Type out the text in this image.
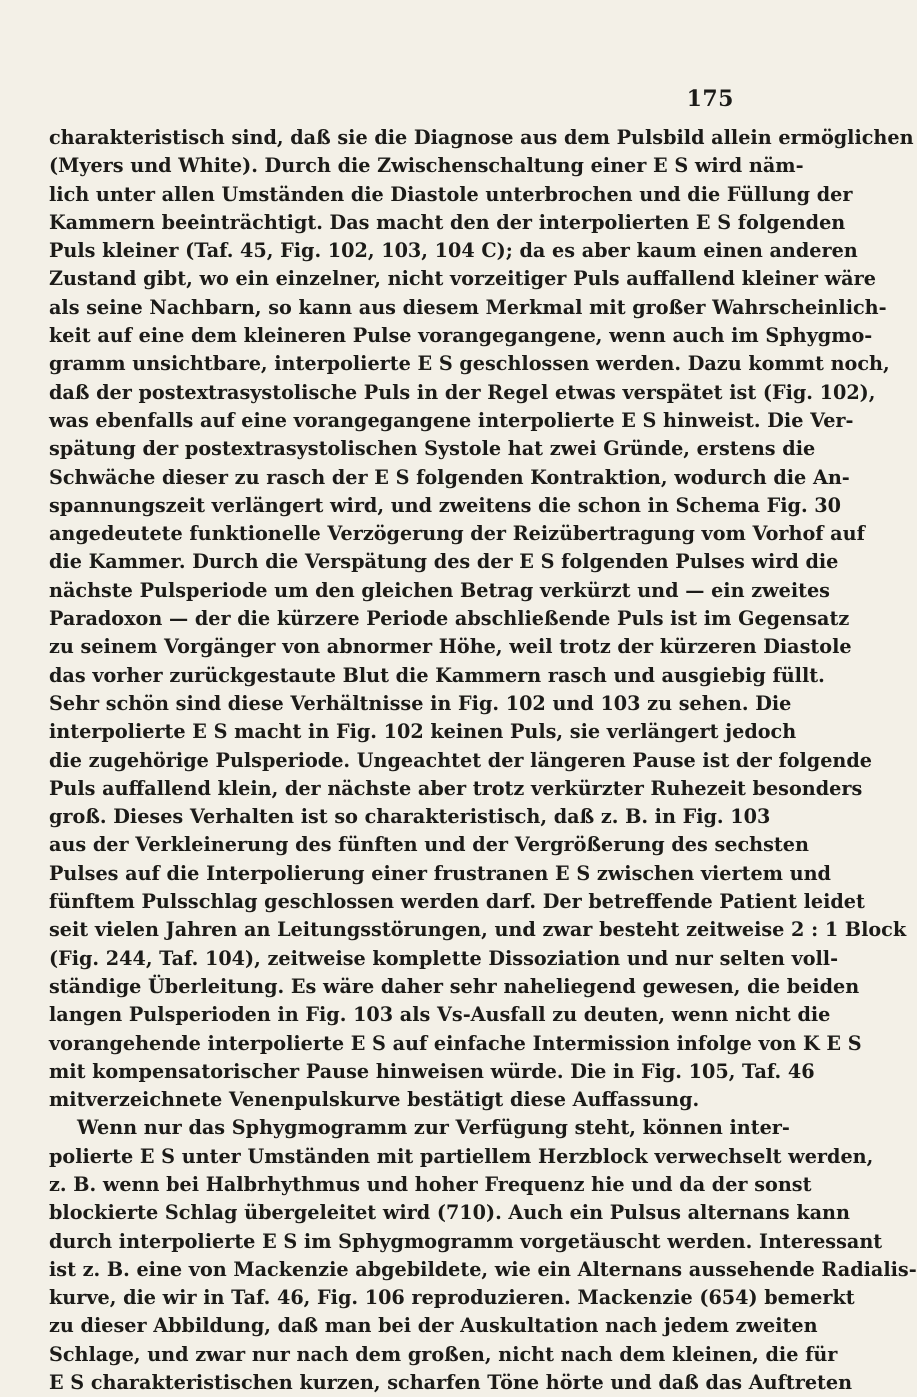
175
charakteristisch sind, daß sie die Diagnose aus dem Pulsbild allein ermöglichen
(Myers und White). Durch die Zwischenschaltung einer E S wird näm-
lich unter allen Umständen die Diastole unterbrochen und die Füllung der
Kammern beeinträchtigt. Das macht den der interpolierten E S folgenden
Puls kleiner (Taf. 45, Fig. 102, 103, 104 C); da es aber kaum einen anderen
Zustand gibt, wo ein einzelner, nicht vorzeitiger Puls auffallend kleiner wäre
als seine Nachbarn, so kann aus diesem Merkmal mit großer Wahrscheinlich-
keit auf eine dem kleineren Pulse vorangegangene, wenn auch im Sphygmo-
gramm unsichtbare, interpolierte E S geschlossen werden. Dazu kommt noch,
daß der postextrasystolische Puls in der Regel etwas verspätet ist (Fig. 102),
was ebenfalls auf eine vorangegangene interpolierte E S hinweist. Die Ver-
spätung der postextrasystolischen Systole hat zwei Gründe, erstens die
Schwäche dieser zu rasch der E S folgenden Kontraktion, wodurch die An-
spannungszeit verlängert wird, und zweitens die schon in Schema Fig. 30
angedeutete funktionelle Verzögerung der Reizübertragung vom Vorhof auf
die Kammer. Durch die Verspätung des der E S folgenden Pulses wird die
nächste Pulsperiode um den gleichen Betrag verkürzt und — ein zweites
Paradoxon — der die kürzere Periode abschließende Puls ist im Gegensatz
zu seinem Vorgänger von abnormer Höhe, weil trotz der kürzeren Diastole
das vorher zurückgestaute Blut die Kammern rasch und ausgiebig füllt.
Sehr schön sind diese Verhältnisse in Fig. 102 und 103 zu sehen. Die
interpolierte E S macht in Fig. 102 keinen Puls, sie verlängert jedoch
die zugehörige Pulsperiode. Ungeachtet der längeren Pause ist der folgende
Puls auffallend klein, der nächste aber trotz verkürzter Ruhezeit besonders
groß. Dieses Verhalten ist so charakteristisch, daß z. B. in Fig. 103
aus der Verkleinerung des fünften und der Vergrößerung des sechsten
Pulses auf die Interpolierung einer frustranen E S zwischen viertem und
fünftem Pulsschlag geschlossen werden darf. Der betreffende Patient leidet
seit vielen Jahren an Leitungsstörungen, und zwar besteht zeitweise 2 : 1 Block
(Fig. 244, Taf. 104), zeitweise komplette Dissoziation und nur selten voll-
ständige Überleitung. Es wäre daher sehr naheliegend gewesen, die beiden
langen Pulsperioden in Fig. 103 als Vs-Ausfall zu deuten, wenn nicht die
vorangehende interpolierte E S auf einfache Intermission infolge von K E S
mit kompensatorischer Pause hinweisen würde. Die in Fig. 105, Taf. 46
mitverzeichnete Venenpulskurve bestätigt diese Auffassung.
Wenn nur das Sphygmogramm zur Verfügung steht, können inter-
polierte E S unter Umständen mit partiellem Herzblock verwechselt werden,
z. B. wenn bei Halbrhythmus und hoher Frequenz hie und da der sonst
blockierte Schlag übergeleitet wird (710). Auch ein Pulsus alternans kann
durch interpolierte E S im Sphygmogramm vorgetäuscht werden. Interessant
ist z. B. eine von Mackenzie abgebildete, wie ein Alternans aussehende Radialis-
kurve, die wir in Taf. 46, Fig. 106 reproduzieren. Mackenzie (654) bemerkt
zu dieser Abbildung, daß man bei der Auskultation nach jedem zweiten
Schlage, und zwar nur nach dem großen, nicht nach dem kleinen, die für
E S charakteristischen kurzen, scharfen Töne hörte und daß das Auftreten
